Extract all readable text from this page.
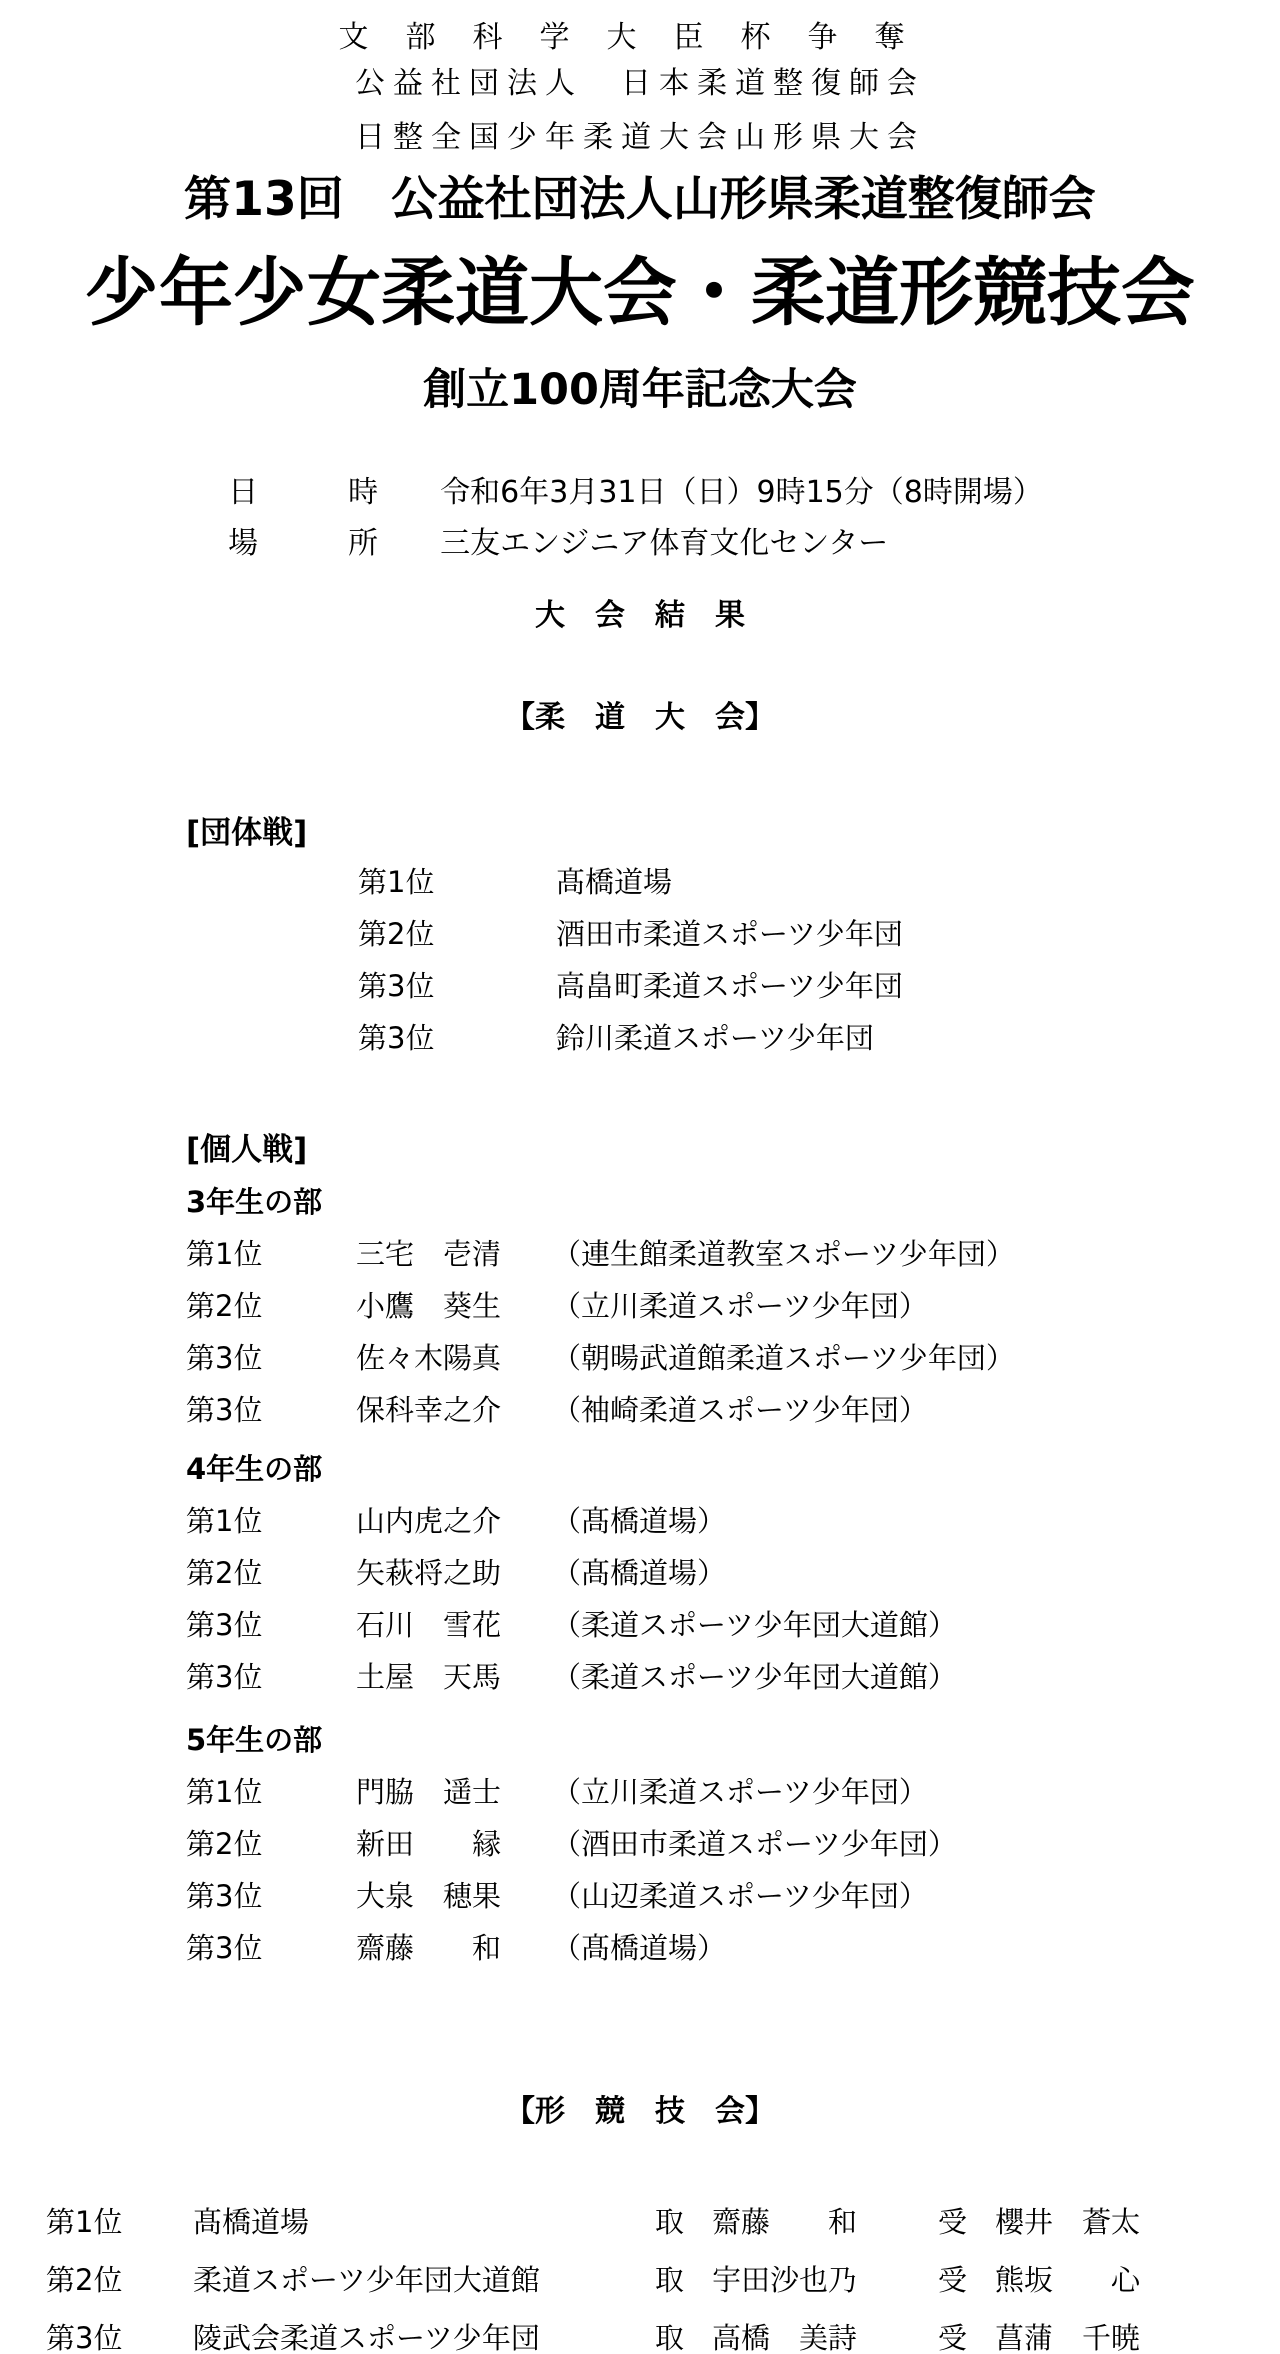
文部科学大臣杯争奪
公益社団法人　日本柔道整復師会
日整全国少年柔道大会山形県大会
第13回　公益社団法人山形県柔道整復師会
少年少女柔道大会・柔道形競技会
創立100周年記念大会

日　　　時 令和6年3月31日（日）9時15分（8時開場）

場　　　所 三友エンジニア体育文化センター

大　会　結　果
【柔　道　大　会】
[団体戦]
第1位	髙橋道場
第2位	酒田市柔道スポーツ少年団
第3位	高畠町柔道スポーツ少年団
第3位	鈴川柔道スポーツ少年団
[個人戦]
3年生の部
第1位	三宅　壱清 （連生館柔道教室スポーツ少年団）
第2位	小鷹　葵生 （立川柔道スポーツ少年団）
第3位	佐々木陽真 （朝暘武道館柔道スポーツ少年団）
第3位	保科幸之介 （袖崎柔道スポーツ少年団）
4年生の部
第1位	山内虎之介 （髙橋道場）
第2位	矢萩将之助 （髙橋道場）
第3位	石川　雪花 （柔道スポーツ少年団大道館）
第3位	土屋　天馬 （柔道スポーツ少年団大道館）
5年生の部
第1位	門脇　遥士 （立川柔道スポーツ少年団）
第2位	新田　　縁 （酒田市柔道スポーツ少年団）
第3位	大泉　穂果 （山辺柔道スポーツ少年団）
第3位	齋藤　　和 （髙橋道場）
【形　競　技　会】
第1位 髙橋道場	取 齋藤　　和	受 櫻井　蒼太
第2位 柔道スポーツ少年団大道館	取 宇田沙也乃	受 熊坂　　心
第3位 陵武会柔道スポーツ少年団	取 高橋　美詩	受 菖蒲　千暁
